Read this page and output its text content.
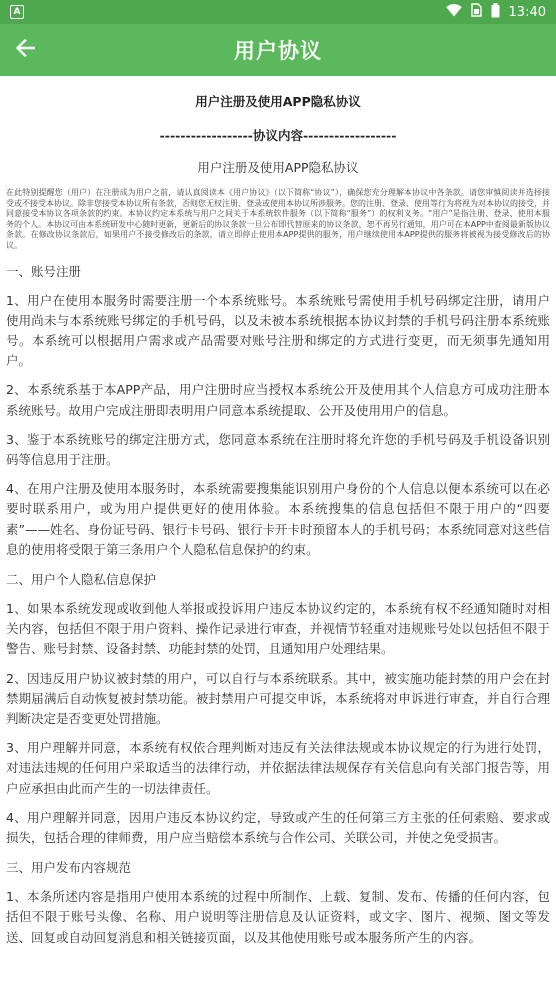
A	13:40
用户协议
用户注册及使用APP隐私协议
------------------协议内容------------------
用户注册及使用APP隐私协议

在此特别提醒您（用户）在注册成为用户之前，请认真阅读本《用户协议》（以下简称“协议”），确保您充分理解本协议中各条款。请您审慎阅读并选择接受或不接受本协议。除非您接受本协议所有条款，否则您无权注册、登录或使用本协议所涉服务。您的注册、登录、使用等行为将视为对本协议的接受，并同意接受本协议各项条款的约束。本协议约定本系统与用户之间关于本系统软件服务（以下简称“服务”）的权利义务。“用户”是指注册、登录、使用本服务的个人。本协议可由本系统研发中心随时更新，更新后的协议条款一旦公布即代替原来的协议条款，恕不再另行通知，用户可在本APP中查阅最新版协议条款。在修改协议条款后，如果用户不接受修改后的条款，请立即停止使用本APP提供的服务，用户继续使用本APP提供的服务将被视为接受修改后的协议。

一、账号注册

1、用户在使用本服务时需要注册一个本系统账号。本系统账号需使用手机号码绑定注册，请用户使用尚未与本系统账号绑定的手机号码，以及未被本系统根据本协议封禁的手机号码注册本系统账号。本系统可以根据用户需求或产品需要对账号注册和绑定的方式进行变更，而无须事先通知用户。

2、本系统系基于本APP产品，用户注册时应当授权本系统公开及使用其个人信息方可成功注册本系统账号。故用户完成注册即表明用户同意本系统提取、公开及使用用户的信息。

3、鉴于本系统账号的绑定注册方式，您同意本系统在注册时将允许您的手机号码及手机设备识别码等信息用于注册。

4、在用户注册及使用本服务时，本系统需要搜集能识别用户身份的个人信息以便本系统可以在必要时联系用户，或为用户提供更好的使用体验。本系统搜集的信息包括但不限于用户的“四要素”——姓名、身份证号码、银行卡号码、银行卡开卡时预留本人的手机号码；本系统同意对这些信息的使用将受限于第三条用户个人隐私信息保护的约束。

二、用户个人隐私信息保护

1、如果本系统发现或收到他人举报或投诉用户违反本协议约定的，本系统有权不经通知随时对相关内容，包括但不限于用户资料、操作记录进行审查，并视情节轻重对违规账号处以包括但不限于警告、账号封禁、设备封禁、功能封禁的处罚，且通知用户处理结果。

2、因违反用户协议被封禁的用户，可以自行与本系统联系。其中，被实施功能封禁的用户会在封禁期届满后自动恢复被封禁功能。被封禁用户可提交申诉，本系统将对申诉进行审查，并自行合理判断决定是否变更处罚措施。

3、用户理解并同意，本系统有权依合理判断对违反有关法律法规或本协议规定的行为进行处罚，对违法违规的任何用户采取适当的法律行动，并依据法律法规保存有关信息向有关部门报告等，用户应承担由此而产生的一切法律责任。

4、用户理解并同意，因用户违反本协议约定，导致或产生的任何第三方主张的任何索赔、要求或损失，包括合理的律师费，用户应当赔偿本系统与合作公司、关联公司，并使之免受损害。

三、用户发布内容规范

1、本条所述内容是指用户使用本系统的过程中所制作、上载、复制、发布、传播的任何内容，包括但不限于账号头像、名称、用户说明等注册信息及认证资料，或文字、图片、视频、图文等发送、回复或自动回复消息和相关链接页面，以及其他使用账号或本服务所产生的内容。
